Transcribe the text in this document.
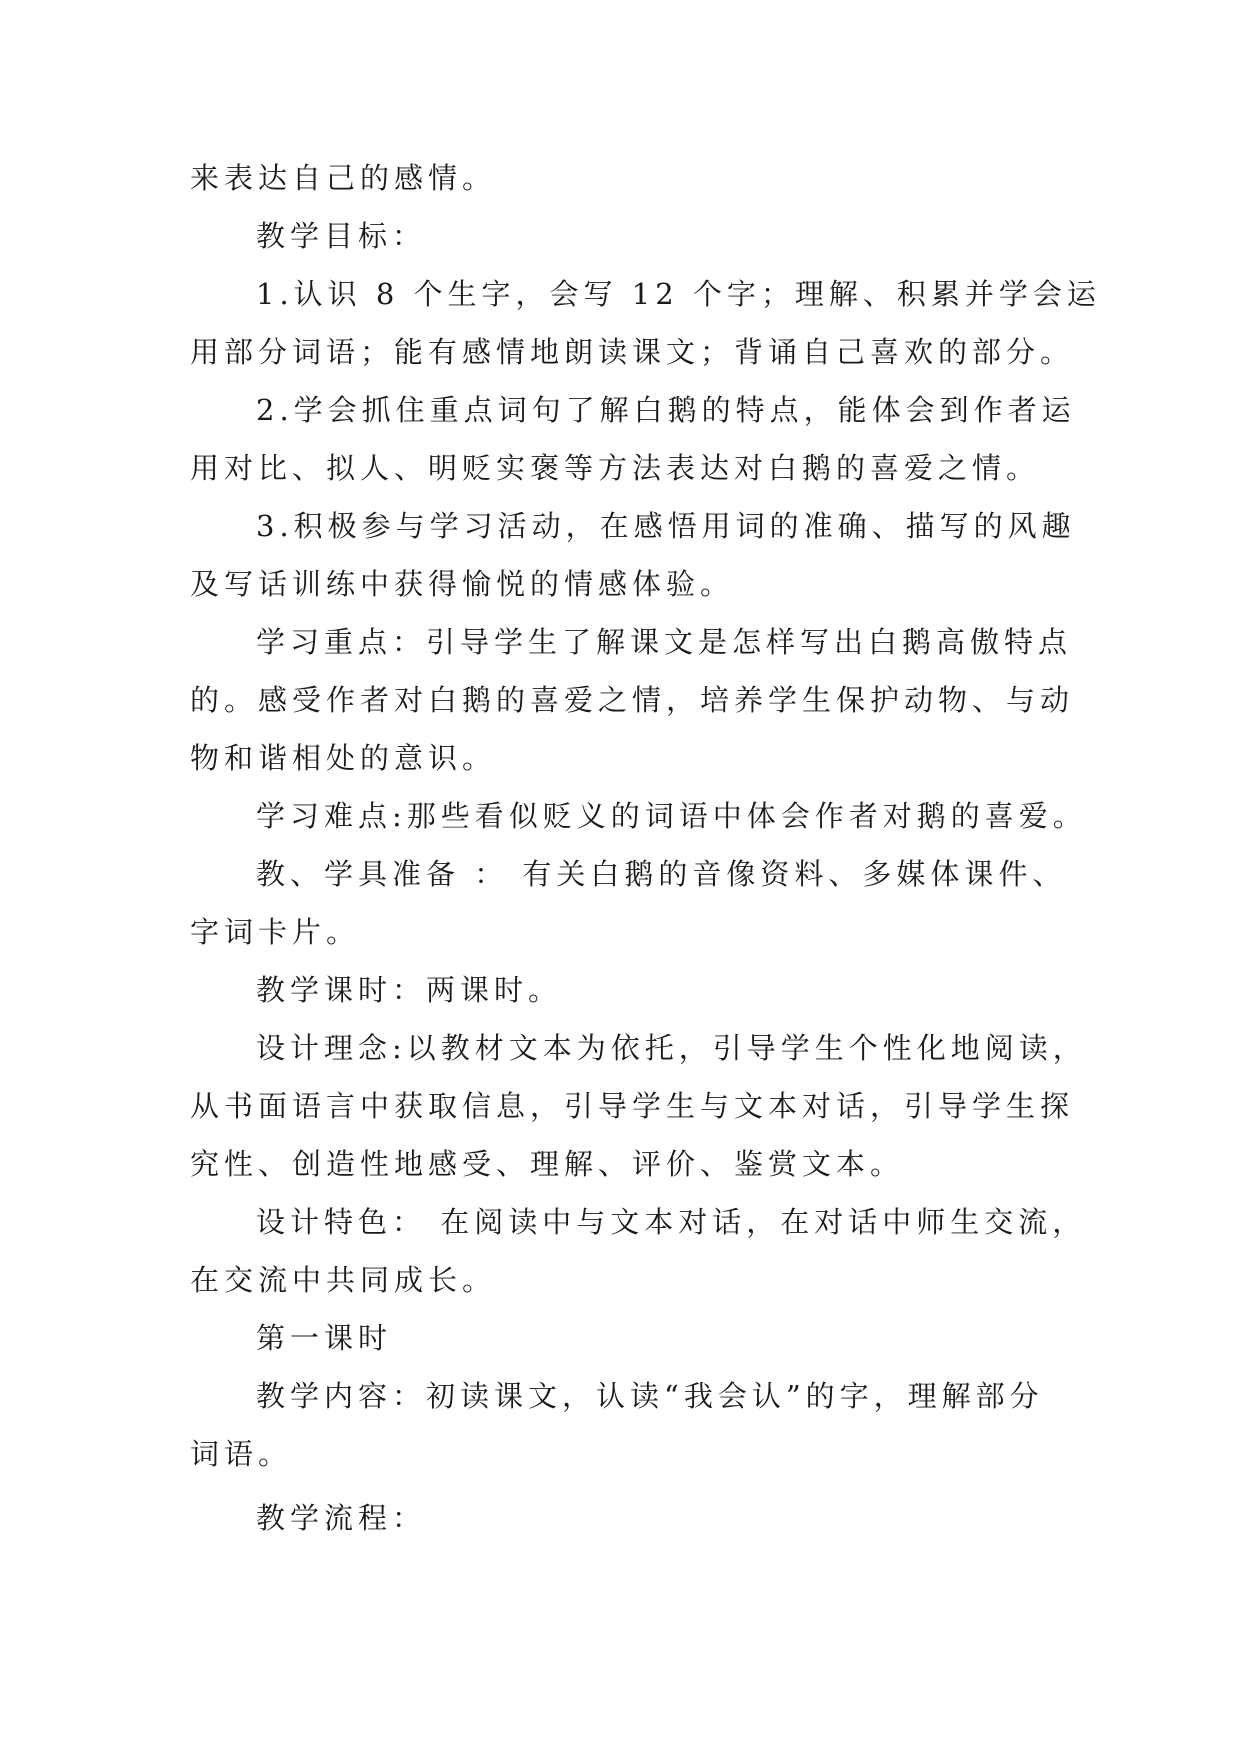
来表达自己的感情。
教学目标：
1.认识 8 个生字，会写 12 个字；理解、积累并学会运
用部分词语；能有感情地朗读课文；背诵自己喜欢的部分。
2.学会抓住重点词句了解白鹅的特点，能体会到作者运
用对比、拟人、明贬实褒等方法表达对白鹅的喜爱之情。
3.积极参与学习活动，在感悟用词的准确、描写的风趣
及写话训练中获得愉悦的情感体验。
学习重点：引导学生了解课文是怎样写出白鹅高傲特点
的。感受作者对白鹅的喜爱之情，培养学生保护动物、与动
物和谐相处的意识。
学习难点:那些看似贬义的词语中体会作者对鹅的喜爱。
教、学具准备 ： 有关白鹅的音像资料、多媒体课件、
字词卡片。
教学课时：两课时。
设计理念:以教材文本为依托，引导学生个性化地阅读，
从书面语言中获取信息，引导学生与文本对话，引导学生探
究性、创造性地感受、理解、评价、鉴赏文本。
设计特色： 在阅读中与文本对话，在对话中师生交流，
在交流中共同成长。
第一课时
教学内容：初读课文，认读“我会认”的字，理解部分
词语。
教学流程：
